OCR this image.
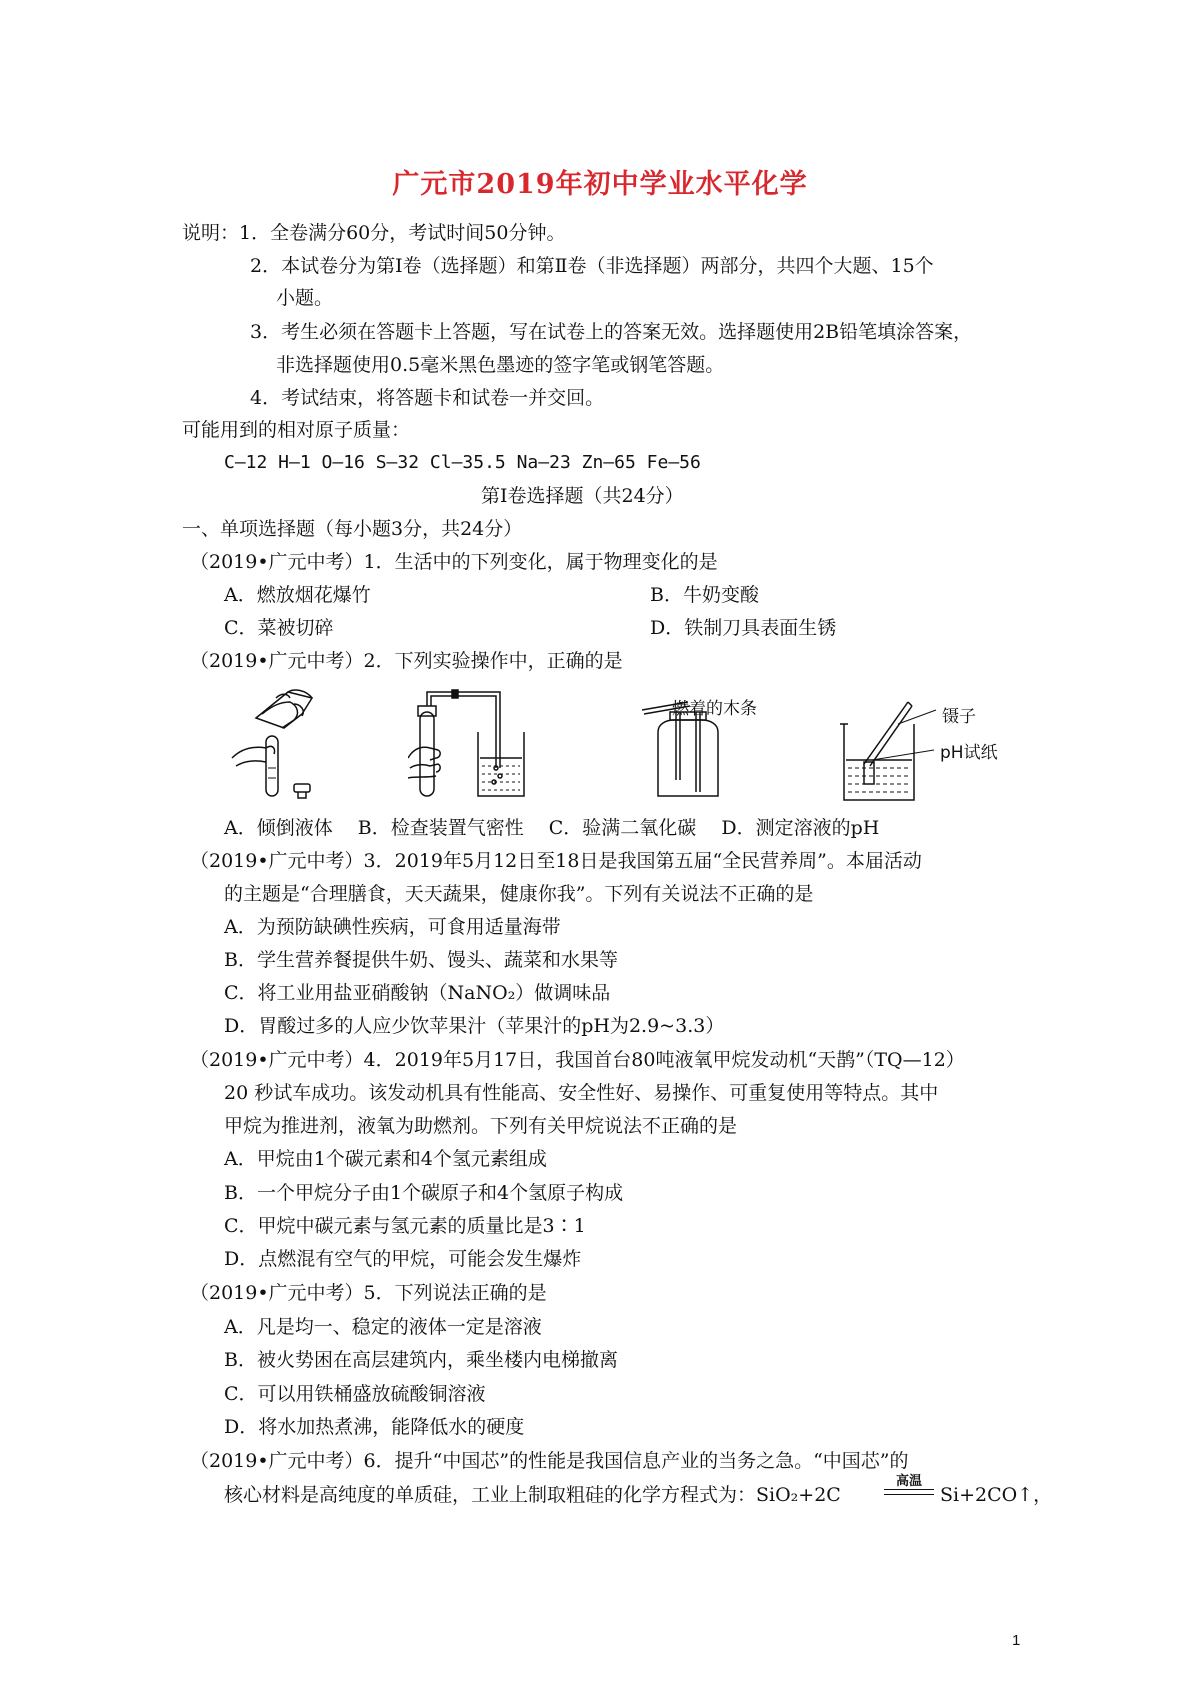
广元市2019年初中学业水平化学
说明：1．全卷满分60分，考试时间50分钟。
2．本试卷分为第Ⅰ卷（选择题）和第Ⅱ卷（非选择题）两部分，共四个大题、15个
小题。
3．考生必须在答题卡上答题，写在试卷上的答案无效。选择题使用2B铅笔填涂答案，
非选择题使用0.5毫米黑色墨迹的签字笔或钢笔答题。
4．考试结束，将答题卡和试卷一并交回。
可能用到的相对原子质量：
C—12 H—1 O—16 S—32 Cl—35.5 Na—23 Zn—65 Fe—56
第Ⅰ卷选择题（共24分）
一、单项选择题（每小题3分，共24分）
（2019•广元中考）1．生活中的下列变化，属于物理变化的是
A．燃放烟花爆竹	B．牛奶变酸
C．菜被切碎	D．铁制刀具表面生锈
（2019•广元中考）2．下列实验操作中，正确的是
燃着的木条	镊子
pH试纸
A．倾倒液体　 B．检查装置气密性　 C．验满二氧化碳　 D．测定溶液的pH
（2019•广元中考）3．2019年5月12日至18日是我国第五届“全民营养周”。本届活动
的主题是“合理膳食，天天蔬果，健康你我”。下列有关说法不正确的是
A．为预防缺碘性疾病，可食用适量海带
B．学生营养餐提供牛奶、馒头、蔬菜和水果等
C．将工业用盐亚硝酸钠（NaNO₂）做调味品
D．胃酸过多的人应少饮苹果汁（苹果汁的pH为2.9~3.3）
（2019•广元中考）4．2019年5月17日，我国首台80吨液氧甲烷发动机“天鹊”（TQ—12）
20 秒试车成功。该发动机具有性能高、安全性好、易操作、可重复使用等特点。其中
甲烷为推进剂，液氧为助燃剂。下列有关甲烷说法不正确的是
A．甲烷由1个碳元素和4个氢元素组成
B．一个甲烷分子由1个碳原子和4个氢原子构成
C．甲烷中碳元素与氢元素的质量比是3∶1
D．点燃混有空气的甲烷，可能会发生爆炸
（2019•广元中考）5．下列说法正确的是
A．凡是均一、稳定的液体一定是溶液
B．被火势困在高层建筑内，乘坐楼内电梯撤离
C．可以用铁桶盛放硫酸铜溶液
D．将水加热煮沸，能降低水的硬度
（2019•广元中考）6．提升“中国芯”的性能是我国信息产业的当务之急。“中国芯”的
核心材料是高纯度的单质硅，工业上制取粗硅的化学方程式为：SiO₂+2C
高温
Si+2CO↑，
1
